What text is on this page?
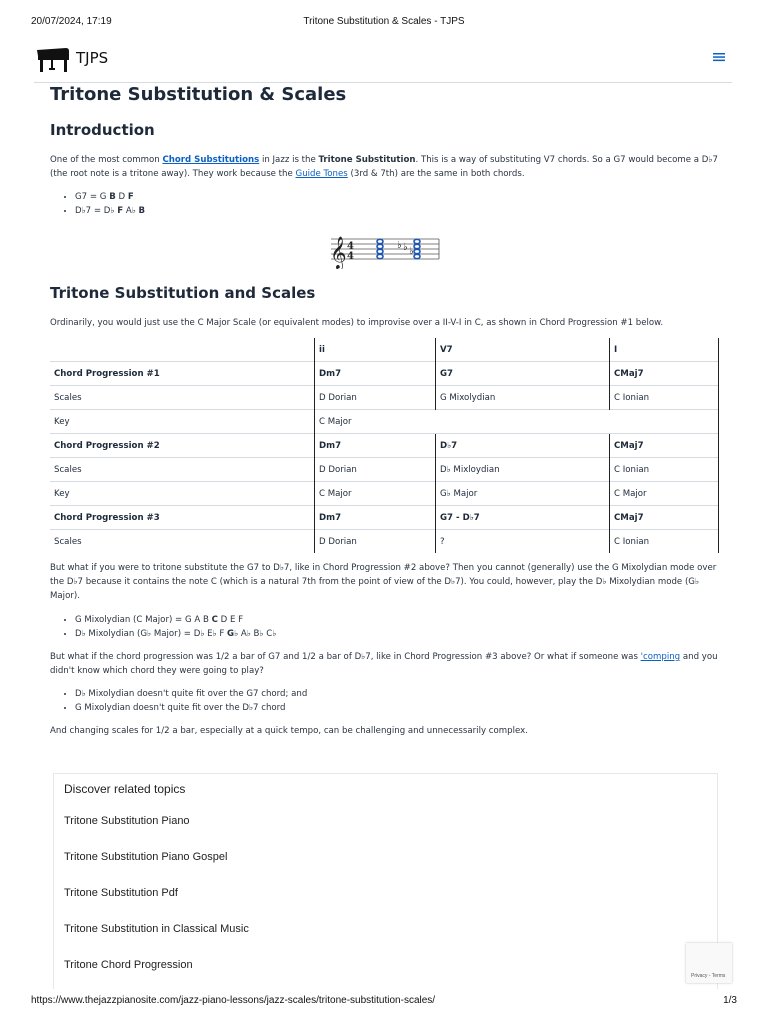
20/07/2024, 17:19	Tritone Substitution & Scales - TJPS
TJPS
Tritone Substitution & Scales
Introduction

One of the most common Chord Substitutions in Jazz is the Tritone Substitution. This is a way of substituting V7 chords. So a G7 would become a D♭7 (the root note is a tritone away). They work because the Guide Tones (3rd & 7th) are the same in both chords.

• G7 = G B D F
• D♭7 = D♭ F A♭ B
𝄞 4
4
♭ ♭ ♭
Tritone Substitution and Scales

Ordinarily, you would just use the C Major Scale (or equivalent modes) to improvise over a II-V-I in C, as shown in Chord Progression #1 below.

	ii	V7	I
Chord Progression #1	Dm7	G7	CMaj7
Scales	D Dorian	G Mixolydian	C Ionian
Key	C Major		
Chord Progression #2	Dm7	D♭7	CMaj7
Scales	D Dorian	D♭ Mixloydian	C Ionian
Key	C Major	G♭ Major	C Major
Chord Progression #3	Dm7	G7 - D♭7	CMaj7
Scales	D Dorian	?	C Ionian

But what if you were to tritone substitute the G7 to D♭7, like in Chord Progression #2 above? Then you cannot (generally) use the G Mixolydian mode over the D♭7 because it contains the note C (which is a natural 7th from the point of view of the D♭7). You could, however, play the D♭ Mixolydian mode (G♭ Major).

• G Mixolydian (C Major) = G A B C D E F
• D♭ Mixolydian (G♭ Major) = D♭ E♭ F G♭ A♭ B♭ C♭

But what if the chord progression was 1/2 a bar of G7 and 1/2 a bar of D♭7, like in Chord Progression #3 above? Or what if someone was 'comping and you didn't know which chord they were going to play?

• D♭ Mixolydian doesn't quite fit over the G7 chord; and
• G Mixolydian doesn't quite fit over the D♭7 chord

And changing scales for 1/2 a bar, especially at a quick tempo, can be challenging and unnecessarily complex.

Discover related topics
Tritone Substitution Piano
Tritone Substitution Piano Gospel
Tritone Substitution Pdf
Tritone Substitution in Classical Music
Tritone Chord Progression
Privacy - Terms
https://www.thejazzpianosite.com/jazz-piano-lessons/jazz-scales/tritone-substitution-scales/	1/3
